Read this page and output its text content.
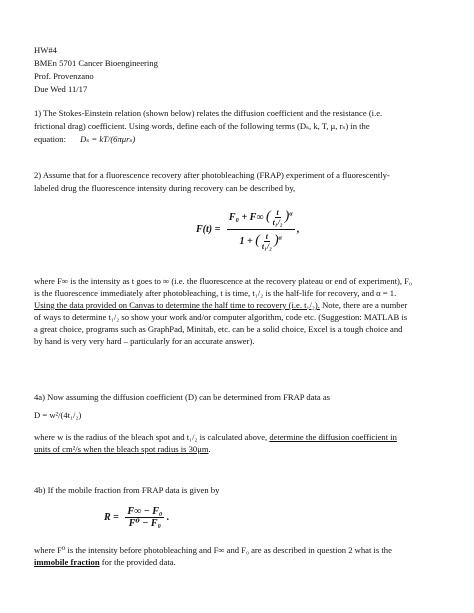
HW#4
BMEn 5701 Cancer Bioengineering
Prof. Provenzano
Due Wed 11/17
1) The Stokes-Einstein relation (shown below) relates the diffusion coefficient and the resistance (i.e.
frictional drag) coefficient. Using words, define each of the following terms (Dₛ, k, T, μ, rₛ) in the
equation: Dₛ = kT/(6πμrₛ)
2) Assume that for a fluorescence recovery after photobleaching (FRAP) experiment of a fluorescently-
labeled drug the fluorescence intensity during recovery can be described by,
$F(t) = \frac{F_0 + F\infty ( \frac{t}{\text{t₁/₂}} )^\alpha}{1 + ( \frac{t}{\text{t₁/₂}} )^\alpha}$ ,
where F∞ is the intensity as t goes to ∞ (i.e. the fluorescence at the recovery plateau or end of experiment), F₀
is the fluorescence immediately after photobleaching, t is time, t₁/₂ is the half-life for recovery, and α = 1.
Using the data provided on Canvas to determine the half time to recovery (i.e. t₁/₂). Note, there are a number
of ways to determine t₁/₂ so show your work and/or computer algorithm, code etc. (Suggestion: MATLAB is
a great choice, programs such as GraphPad, Minitab, etc. can be a solid choice, Excel is a tough choice and
by hand is very very hard – particularly for an accurate answer).
4a) Now assuming the diffusion coefficient (D) can be determined from FRAP data as
D = w²/(4t₁/₂)
where w is the radius of the bleach spot and t₁/₂ is calculated above, determine the diffusion coefficient in
units of cm²/s when the bleach spot radius is 30μm.
4b) If the mobile fraction from FRAP data is given by
$R = \frac{\text{F∞ − F₀}}{\text{F⁰ − F₀}}$ .
where F⁰ is the intensity before photobleaching and F∞ and F₀ are as described in question 2 what is the
immobile fraction for the provided data.
